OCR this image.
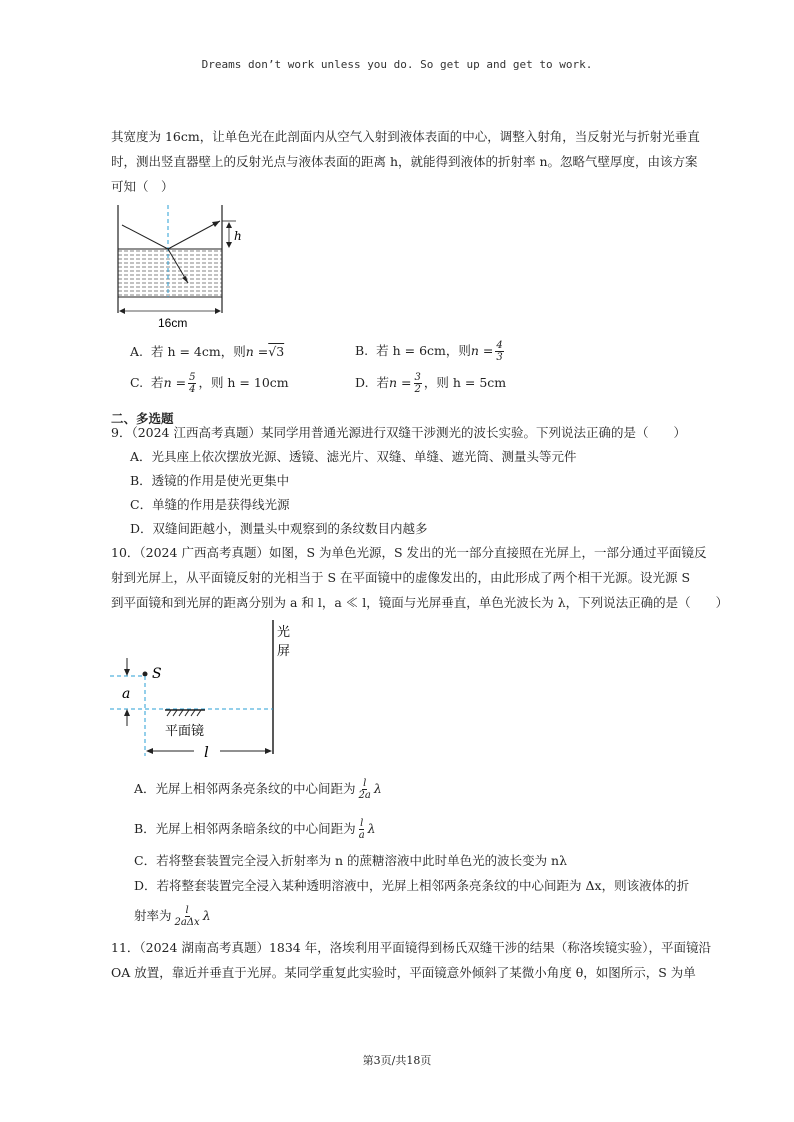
Dreams don’t work unless you do. So get up and get to work.
其宽度为 16cm，让单色光在此剖面内从空气入射到液体表面的中心，调整入射角，当反射光与折射光垂直
时，测出竖直器壁上的反射光点与液体表面的距离 h，就能得到液体的折射率 n。忽略气壁厚度，由该方案
可知（　）
h
16cm
A. 若 h = 4cm，则n =√3	B. 若 h = 6cm，则$n = \frac{4}{3}$
C. 若$n = \frac{5}{4}$ ，则 h = 10cm	D. 若$n = \frac{3}{2}$ ，则 h = 5cm
二、多选题
9．（2024 江西高考真题）某同学用普通光源进行双缝干涉测光的波长实验。下列说法正确的是（　　）
A．光具座上依次摆放光源、透镜、滤光片、双缝、单缝、遮光筒、测量头等元件
B．透镜的作用是使光更集中
C．单缝的作用是获得线光源
D．双缝间距越小，测量头中观察到的条纹数目内越多
10．（2024 广西高考真题）如图，S 为单色光源，S 发出的光一部分直接照在光屏上，一部分通过平面镜反
射到光屏上，从平面镜反射的光相当于 S 在平面镜中的虚像发出的，由此形成了两个相干光源。设光源 S
到平面镜和到光屏的距离分别为 a 和 l，a ≪ l，镜面与光屏垂直，单色光波长为 λ，下列说法正确的是（　　）
光
屏
S
a
平面镜
l
A．光屏上相邻两条亮条纹的中心间距为 $\frac{l}{2a}$ λ
B．光屏上相邻两条暗条纹的中心间距为 $\frac{l}{a}$ λ
C．若将整套装置完全浸入折射率为 n 的蔗糖溶液中此时单色光的波长变为 nλ
D．若将整套装置完全浸入某种透明溶液中，光屏上相邻两条亮条纹的中心间距为 Δx，则该液体的折
射率为 $\frac{l}{\text{2aΔx}}$ λ
11．（2024 湖南高考真题）1834 年，洛埃利用平面镜得到杨氏双缝干涉的结果（称洛埃镜实验），平面镜沿
OA 放置，靠近并垂直于光屏。某同学重复此实验时，平面镜意外倾斜了某微小角度 θ，如图所示，S 为单
第3页/共18页
